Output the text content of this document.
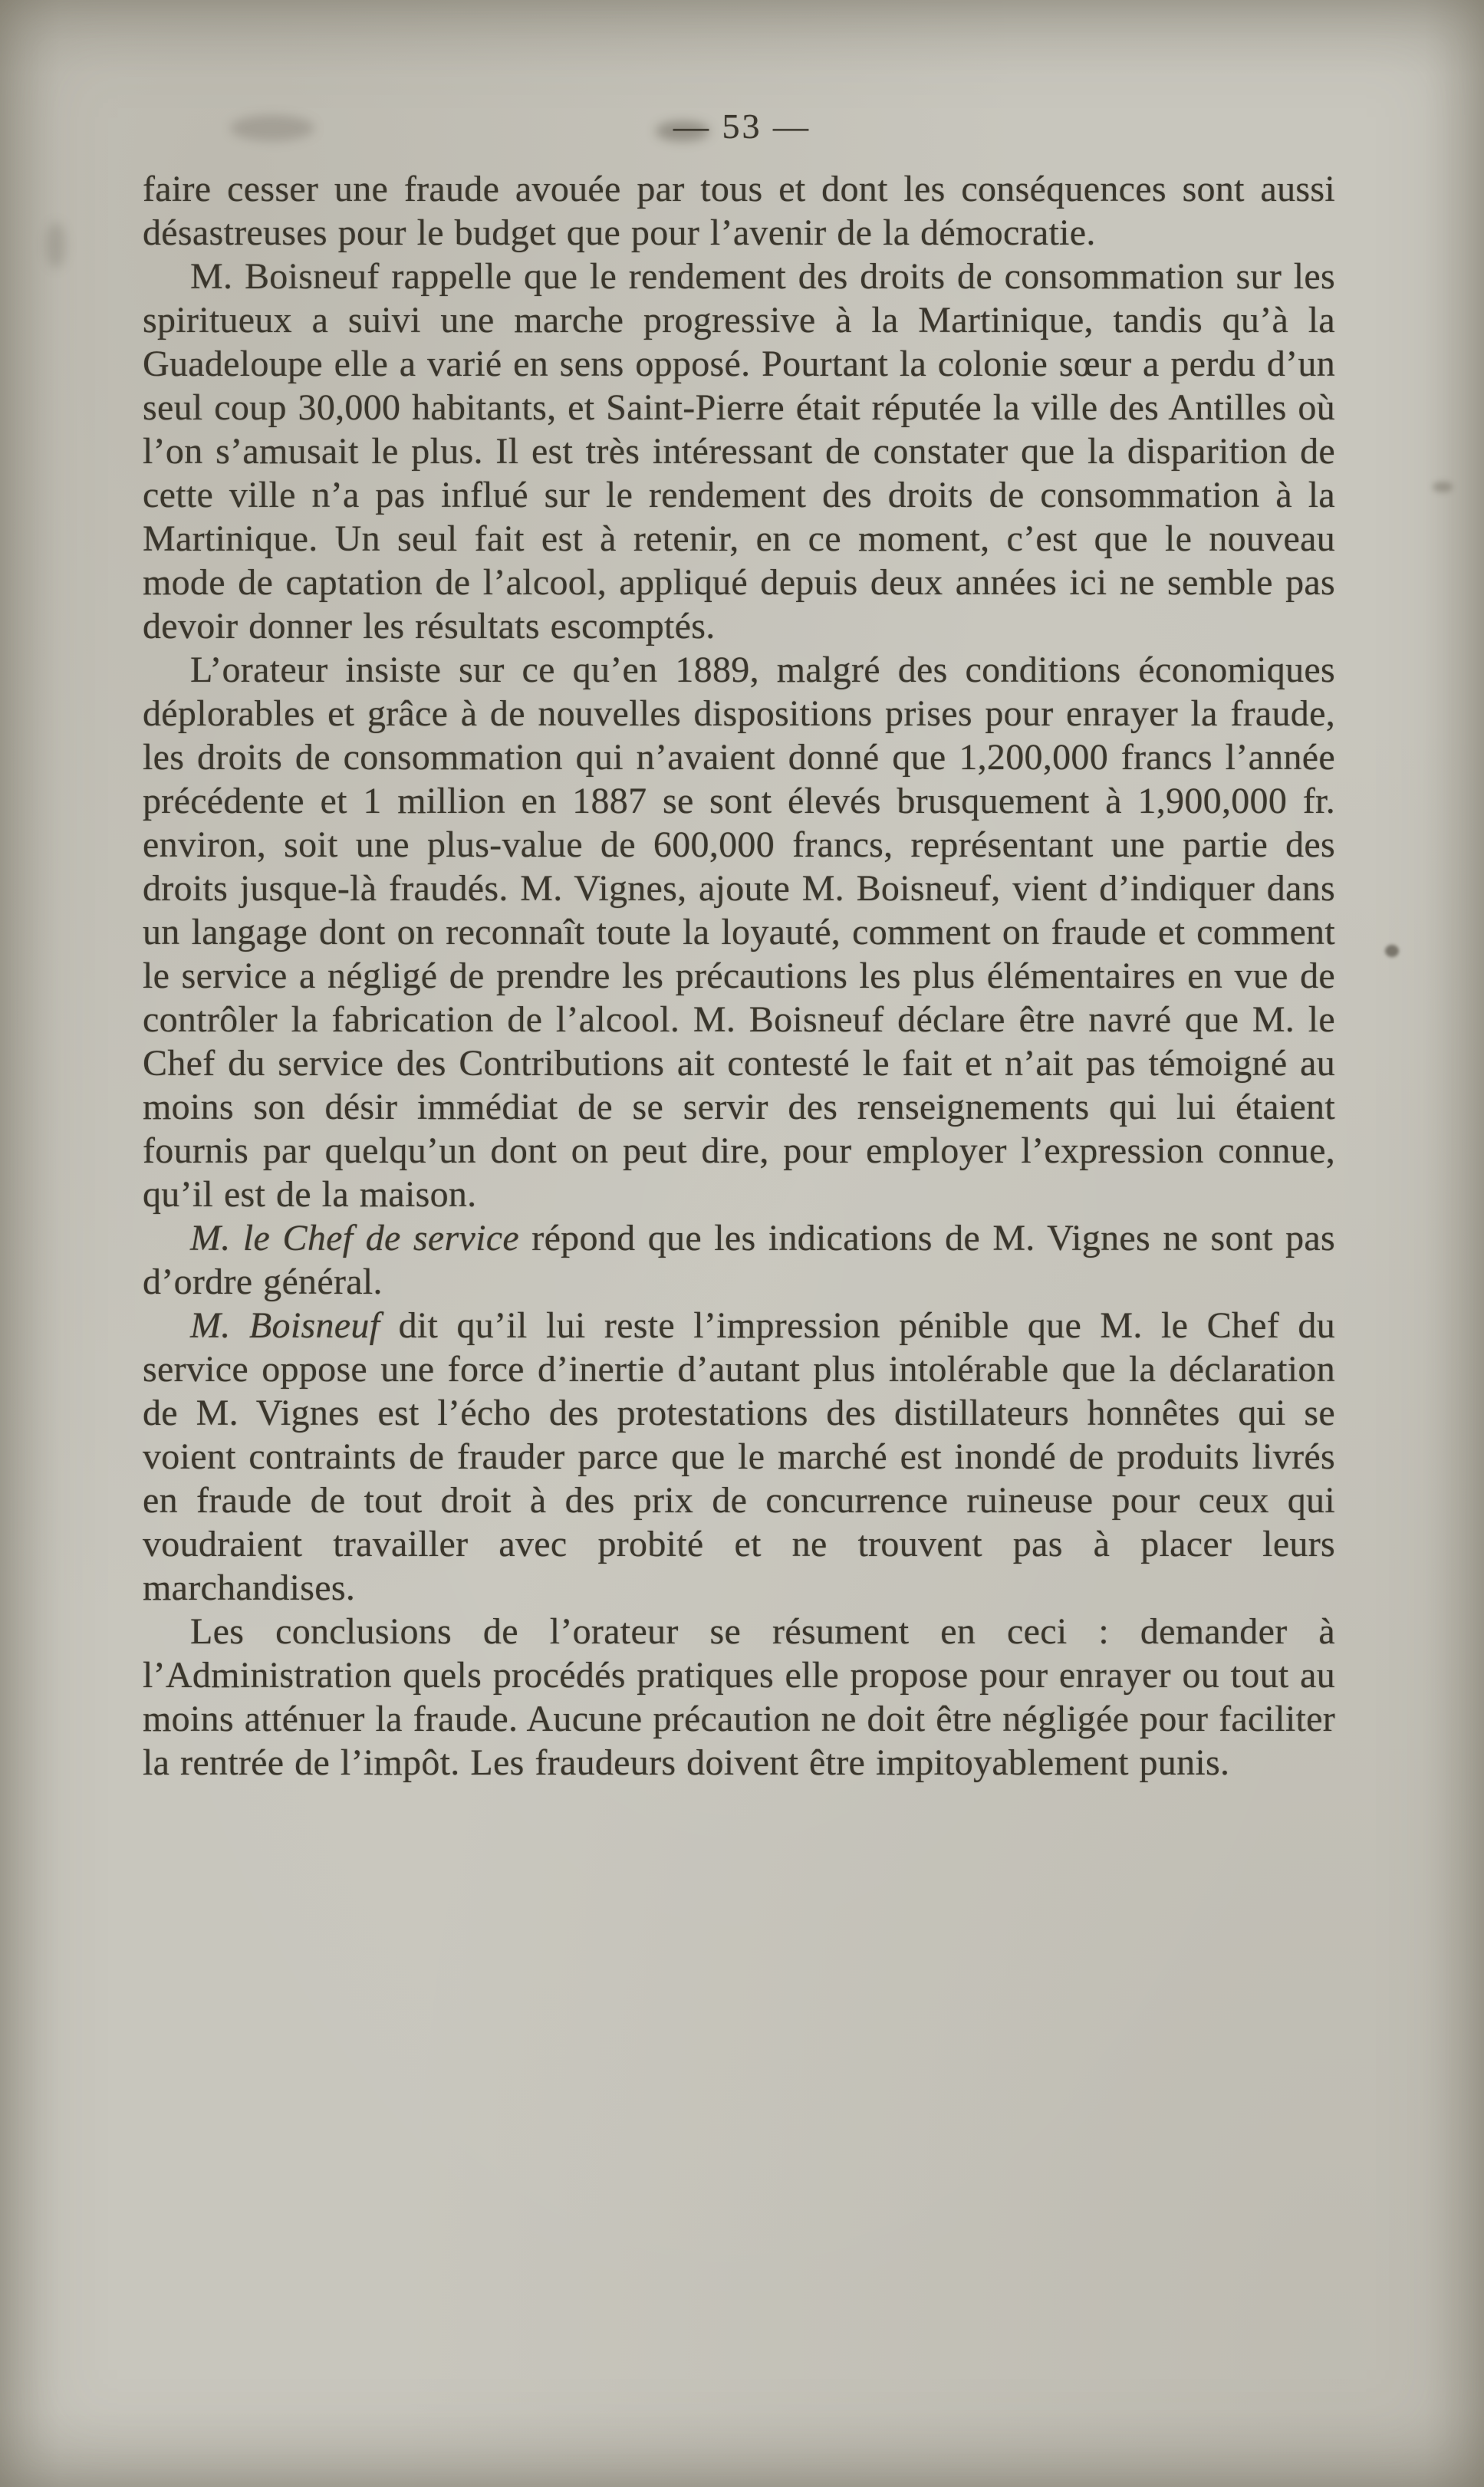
— 53 —

faire cesser une fraude avouée par tous et dont les conséquences sont aussi désastreuses pour le budget que pour l’avenir de la démocratie.

M. Boisneuf rappelle que le rendement des droits de consommation sur les spiritueux a suivi une marche progressive à la Martinique, tandis qu’à la Guadeloupe elle a varié en sens opposé. Pourtant la colonie sœur a perdu d’un seul coup 30,000 habitants, et Saint-Pierre était réputée la ville des Antilles où l’on s’amusait le plus. Il est très intéressant de constater que la disparition de cette ville n’a pas influé sur le rendement des droits de consommation à la Martinique. Un seul fait est à retenir, en ce moment, c’est que le nouveau mode de captation de l’alcool, appliqué depuis deux années ici ne semble pas devoir donner les résultats escomptés.

L’orateur insiste sur ce qu’en 1889, malgré des conditions économiques déplorables et grâce à de nouvelles dispositions prises pour enrayer la fraude, les droits de consommation qui n’avaient donné que 1,200,000 francs l’année précédente et 1 million en 1887 se sont élevés brusquement à 1,900,000 fr. environ, soit une plus-value de 600,000 francs, représentant une partie des droits jusque-là fraudés. M. Vignes, ajoute M. Boisneuf, vient d’indiquer dans un langage dont on reconnaît toute la loyauté, comment on fraude et comment le service a négligé de prendre les précautions les plus élémentaires en vue de contrôler la fabrication de l’alcool. M. Boisneuf déclare être navré que M. le Chef du service des Contributions ait contesté le fait et n’ait pas témoigné au moins son désir immédiat de se servir des renseignements qui lui étaient fournis par quelqu’un dont on peut dire, pour employer l’expression connue, qu’il est de la maison.

M. le Chef de service répond que les indications de M. Vignes ne sont pas d’ordre général.

M. Boisneuf dit qu’il lui reste l’impression pénible que M. le Chef du service oppose une force d’inertie d’autant plus intolérable que la déclaration de M. Vignes est l’écho des protestations des distillateurs honnêtes qui se voient contraints de frauder parce que le marché est inondé de produits livrés en fraude de tout droit à des prix de concurrence ruineuse pour ceux qui voudraient travailler avec probité et ne trouvent pas à placer leurs marchandises.

Les conclusions de l’orateur se résument en ceci : demander à l’Administration quels procédés pratiques elle propose pour enrayer ou tout au moins atténuer la fraude. Aucune précaution ne doit être négligée pour faciliter la rentrée de l’impôt. Les fraudeurs doivent être impitoyablement punis.
